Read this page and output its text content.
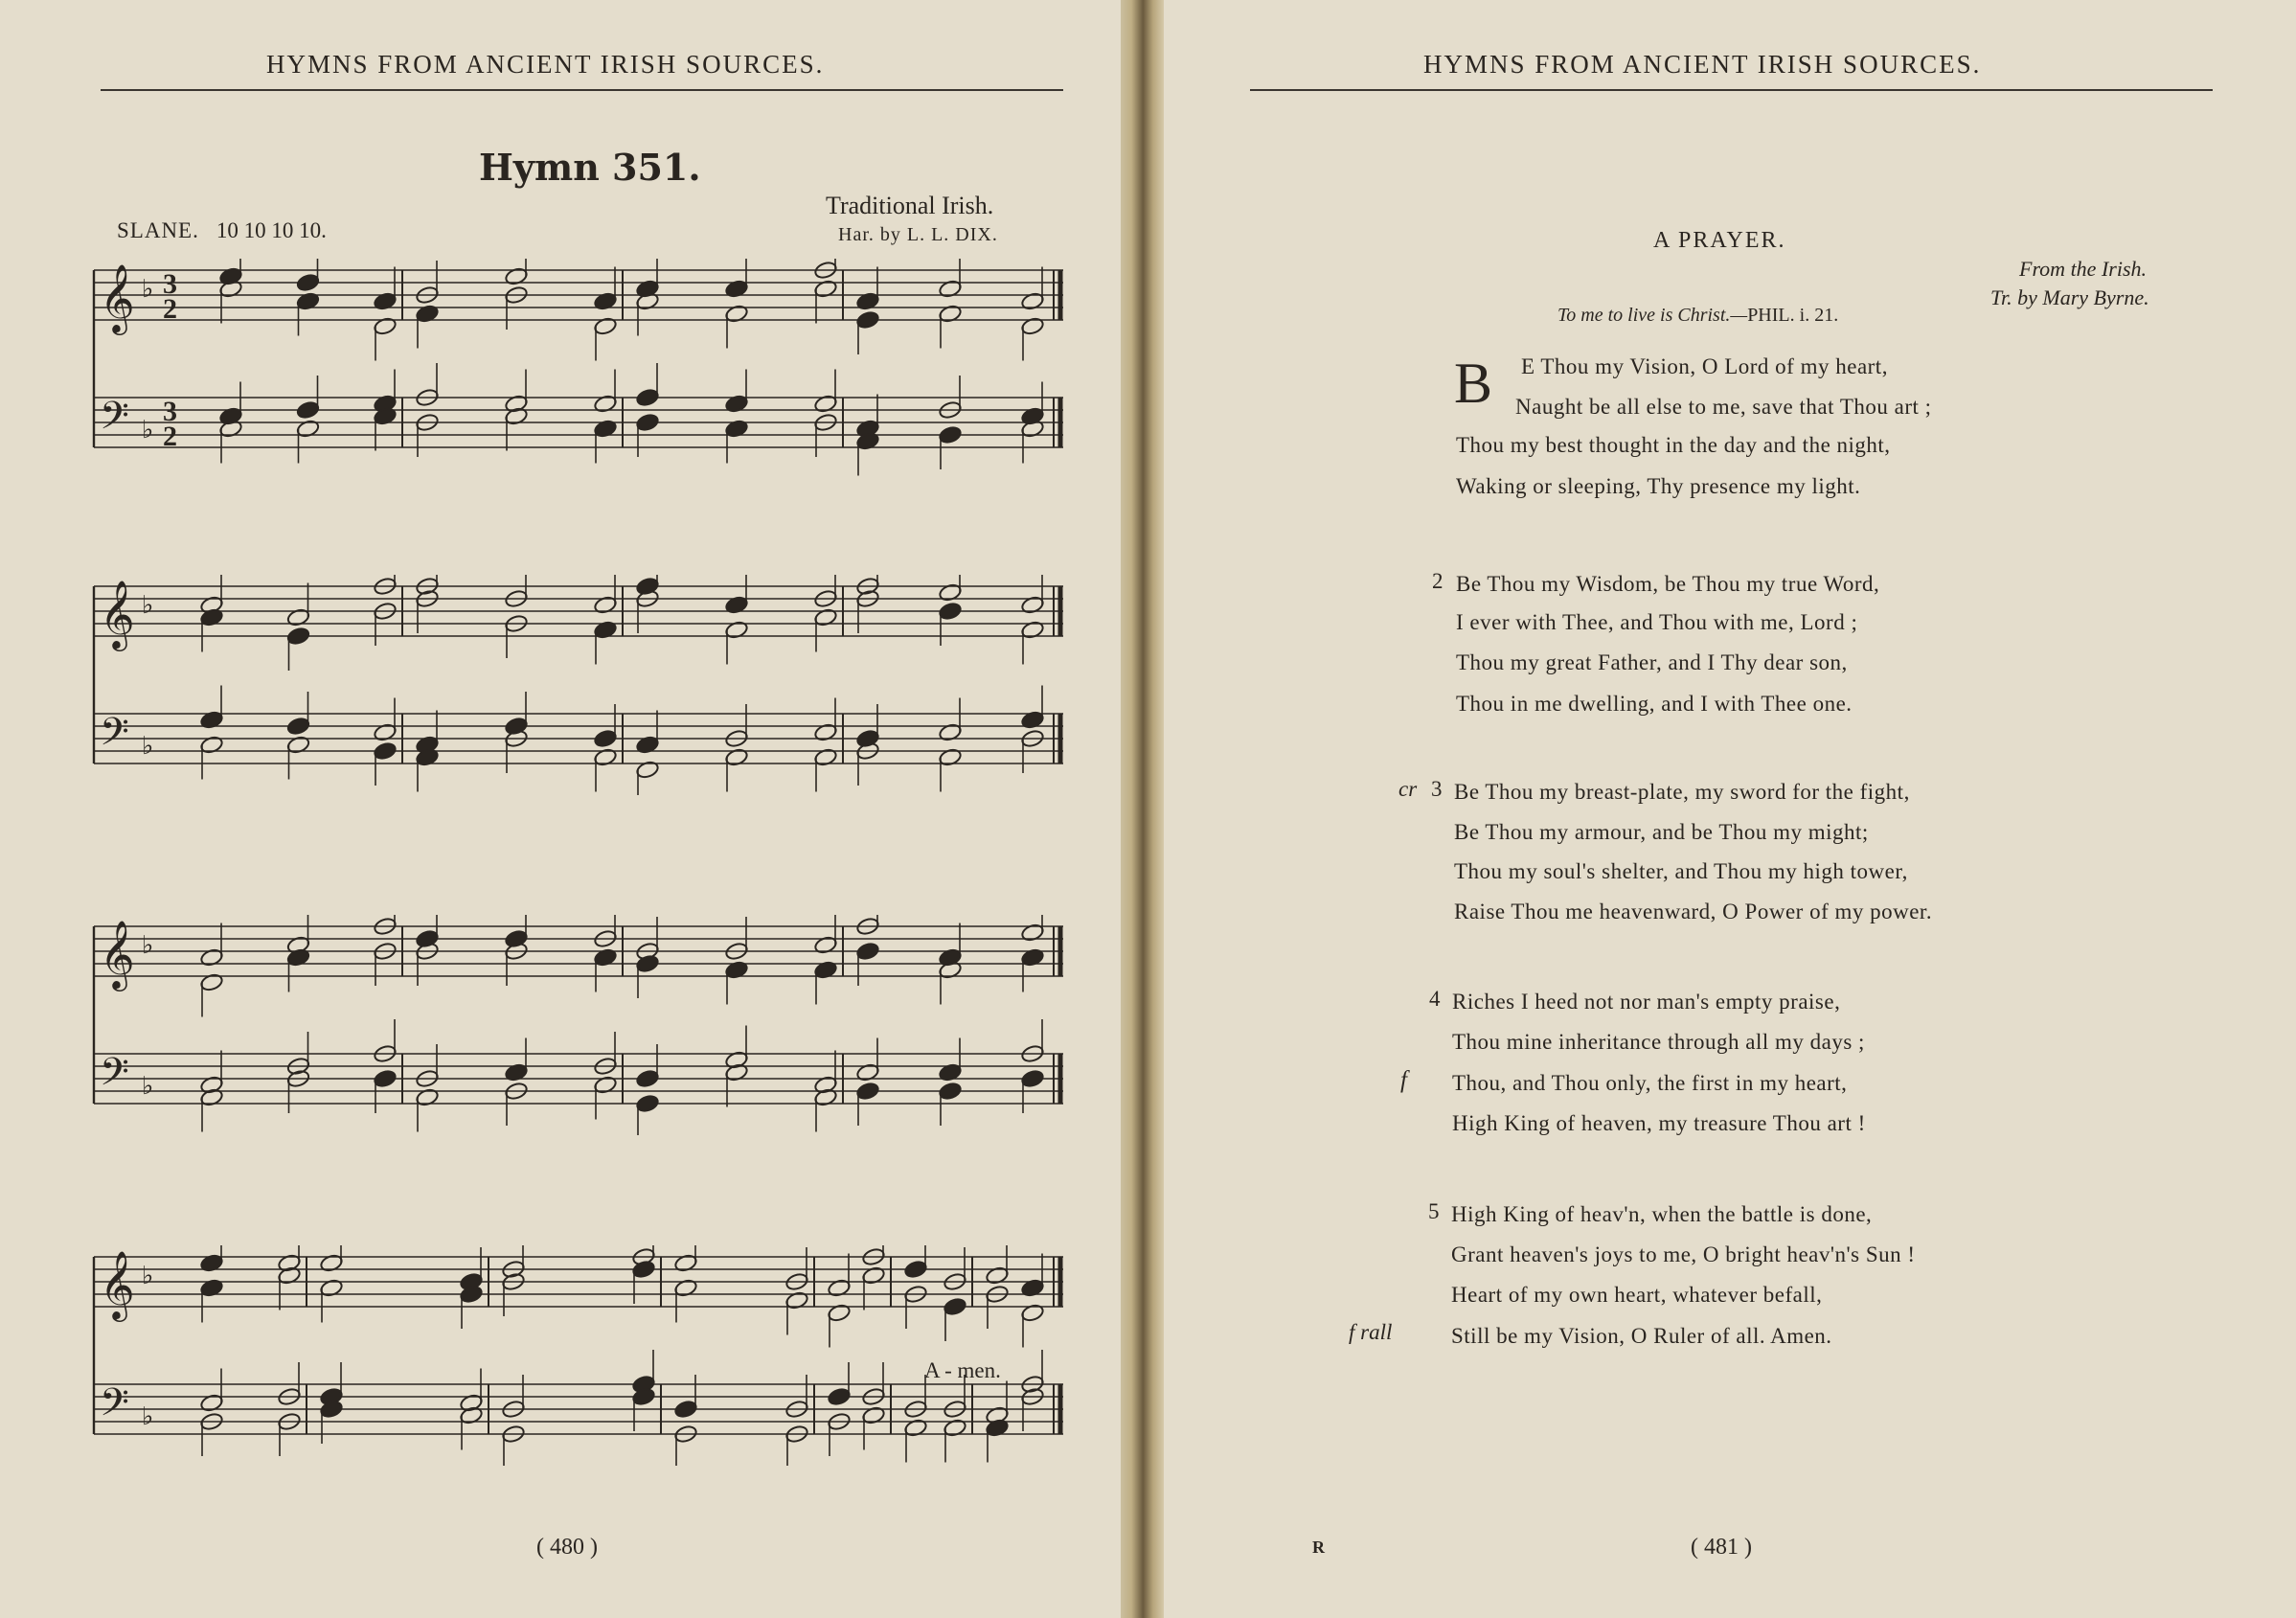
HYMNS FROM ANCIENT IRISH SOURCES.
Hymn 351.
Traditional Irish.
Har. by L. L. DIX.
SLANE. 10 10 10 10.
𝄞 ♭ 3
2
𝄢 ♭
3
2
𝄞 ♭
𝄢 ♭
𝄞 ♭
𝄢 ♭
𝄞 ♭
𝄢 ♭
A - men.
( 480 )
HYMNS FROM ANCIENT IRISH SOURCES.
A PRAYER.
From the Irish.
Tr. by Mary Byrne.
To me to live is Christ.—PHIL. i. 21.
B E Thou my Vision, O Lord of my heart,
Naught be all else to me, save that Thou art ;
Thou my best thought in the day and the night,
Waking or sleeping, Thy presence my light.
2 Be Thou my Wisdom, be Thou my true Word,
I ever with Thee, and Thou with me, Lord ;
Thou my great Father, and I Thy dear son,
Thou in me dwelling, and I with Thee one.
cr 3 Be Thou my breast-plate, my sword for the fight,
Be Thou my armour, and be Thou my might;
Thou my soul's shelter, and Thou my high tower,
Raise Thou me heavenward, O Power of my power.
4 Riches I heed not nor man's empty praise,
Thou mine inheritance through all my days ;
f Thou, and Thou only, the first in my heart,
High King of heaven, my treasure Thou art !
5 High King of heav'n, when the battle is done,
Grant heaven's joys to me, O bright heav'n's Sun !
Heart of my own heart, whatever befall,
f rall	Still be my Vision, O Ruler of all. Amen.
R	( 481 )
